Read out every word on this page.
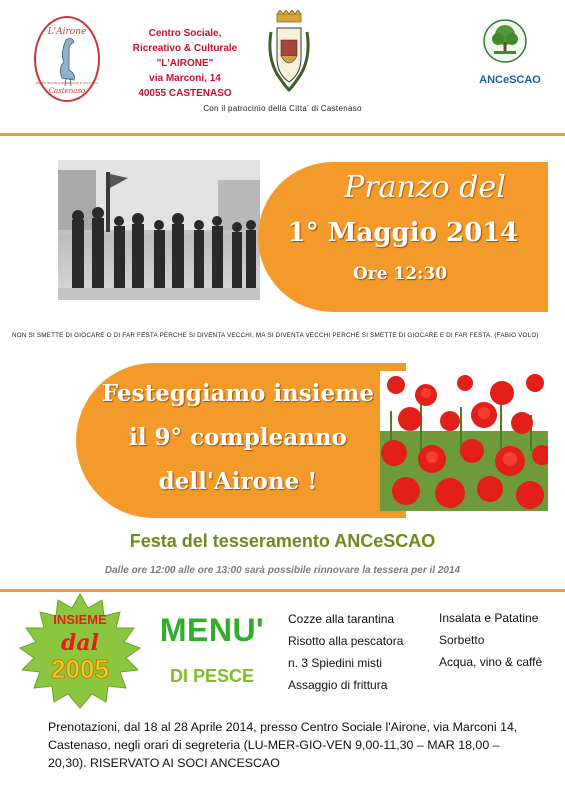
L'Airone
CENTRO SOCIALE RICREATIVO E CULTURALE
Castenaso
Centro Sociale,
Ricreativo & Culturale
"L'AIRONE"
via Marconi, 14
40055 CASTENASO
ANCeSCAO
Con il patrocinio della Citta' di Castenaso
Pranzo del
1° Maggio 2014
Ore 12:30
NON SI SMETTE DI GIOCARE O DI FAR FESTA PERCHE SI DIVENTA VECCHI, MA SI DIVENTA VECCHI PERCHÉ SI SMETTE DI GIOCARE E DI FAR FESTA. (FABIO VOLO)
Festeggiamo insieme
il 9° compleanno
dell'Airone !
Festa del tesseramento ANCeSCAO
Dalle ore 12:00 alle ore 13:00 sarà possibile rinnovare la tessera per il 2014
INSIEME
dal
2005
MENU'
DI PESCE
Cozze alla tarantina
Risotto alla pescatora
n. 3 Spiedini misti
Assaggio di frittura
Insalata e Patatine
Sorbetto
Acqua, vino & caffè
Prenotazioni, dal 18 al 28 Aprile 2014, presso Centro Sociale l'Airone, via Marconi 14, Castenaso, negli orari di segreteria (LU-MER-GIO-VEN 9,00-11,30 – MAR 18,00 – 20,30). RISERVATO AI SOCI ANCESCAO
